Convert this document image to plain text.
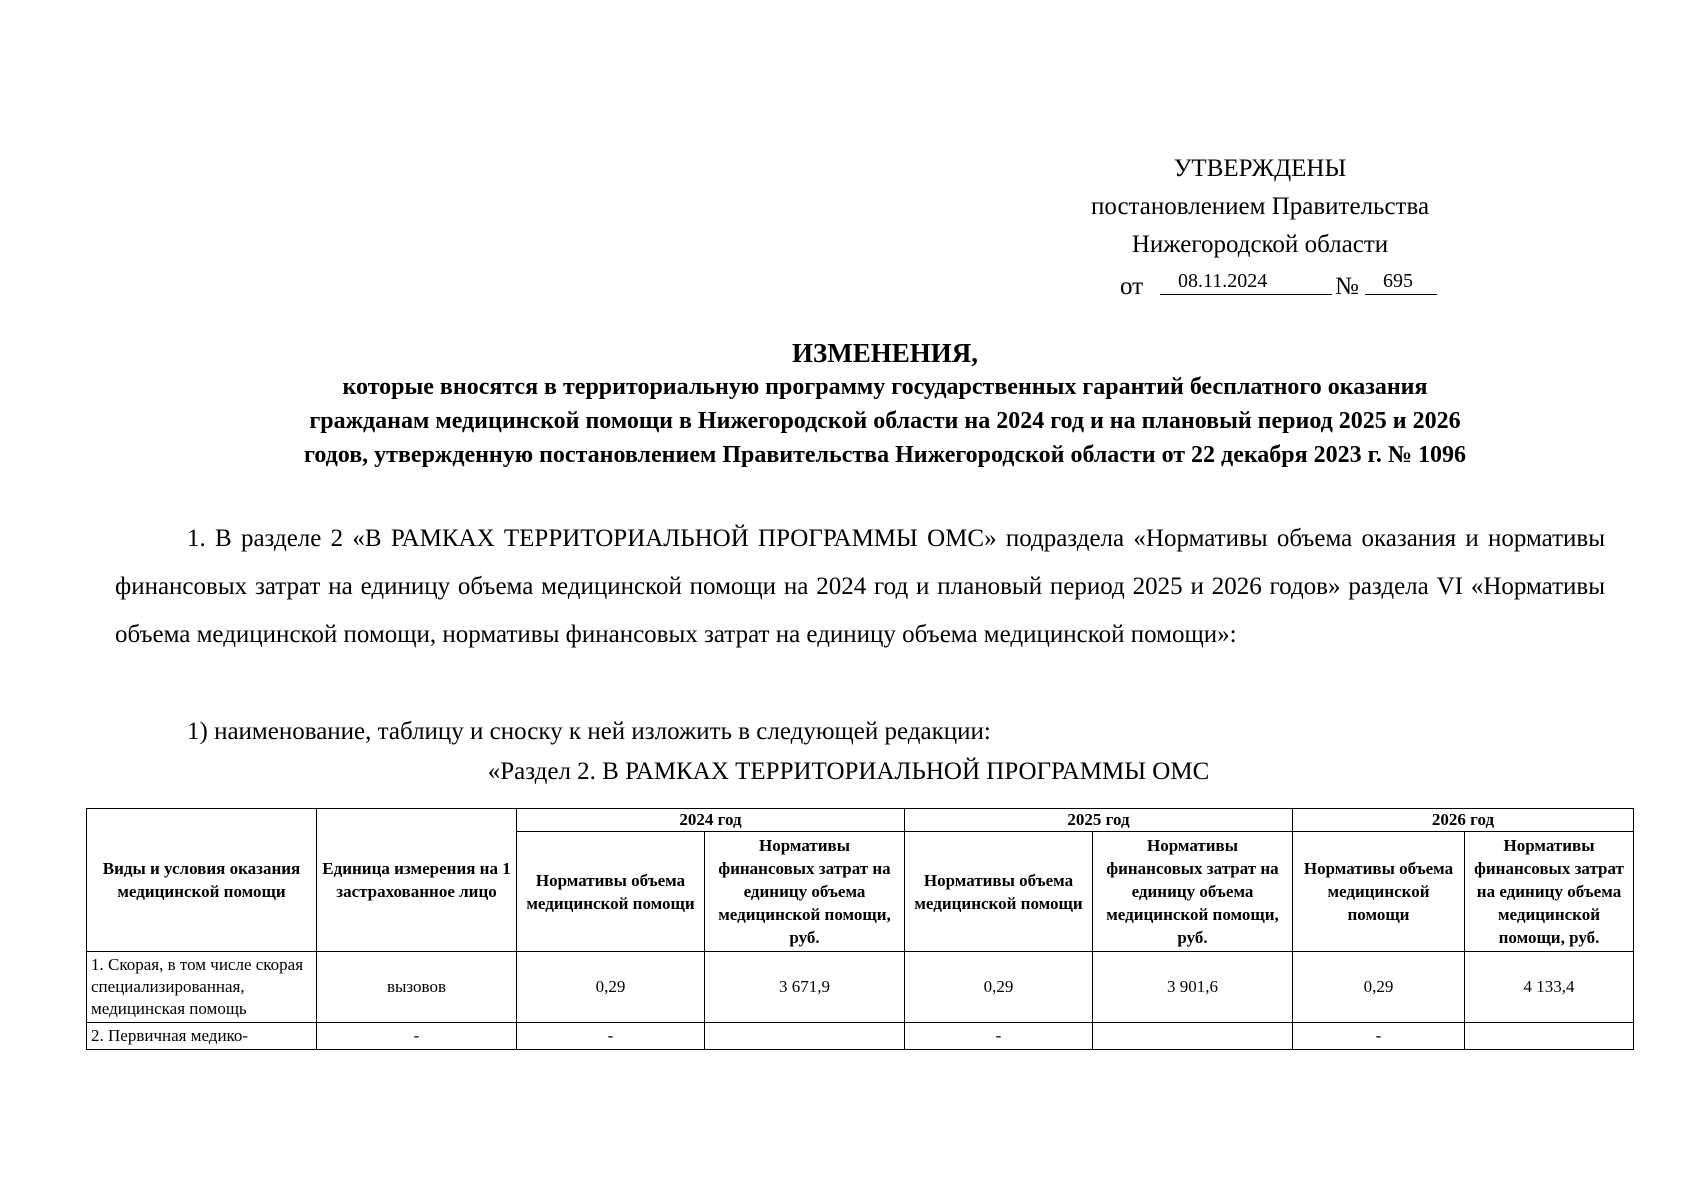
УТВЕРЖДЕНЫ
постановлением Правительства
Нижегородской области
от 08.11.2024	№ 695
ИЗМЕНЕНИЯ,
которые вносятся в территориальную программу государственных гарантий бесплатного оказания
гражданам медицинской помощи в Нижегородской области на 2024 год и на плановый период 2025 и 2026
годов, утвержденную постановлением Правительства Нижегородской области от 22 декабря 2023 г. № 1096
1. В разделе 2 «В РАМКАХ ТЕРРИТОРИАЛЬНОЙ ПРОГРАММЫ ОМС» подраздела «Нормативы объема оказания и нормативы финансовых затрат на единицу объема медицинской помощи на 2024 год и плановый период 2025 и 2026 годов» раздела VI «Нормативы объема медицинской помощи, нормативы финансовых затрат на единицу объема медицинской помощи»:
1) наименование, таблицу и сноску к ней изложить в следующей редакции:
«Раздел 2. В РАМКАХ ТЕРРИТОРИАЛЬНОЙ ПРОГРАММЫ ОМС
Виды и условия оказания медицинской помощи	Единица измерения на 1 застрахованное лицо	2024 год		2025 год		2026 год	
		Нормативы объема медицинской помощи	Нормативы финансовых затрат на единицу объема медицинской помощи, руб.	Нормативы объема медицинской помощи	Нормативы финансовых затрат на единицу объема медицинской помощи, руб.	Нормативы объема медицинской помощи	Нормативы финансовых затрат на единицу объема медицинской помощи, руб.
1. Скорая, в том числе скорая специализированная, медицинская помощь	вызовов	0,29	3 671,9	0,29	3 901,6	0,29	4 133,4
2. Первичная медико-	-	-		-		-	
